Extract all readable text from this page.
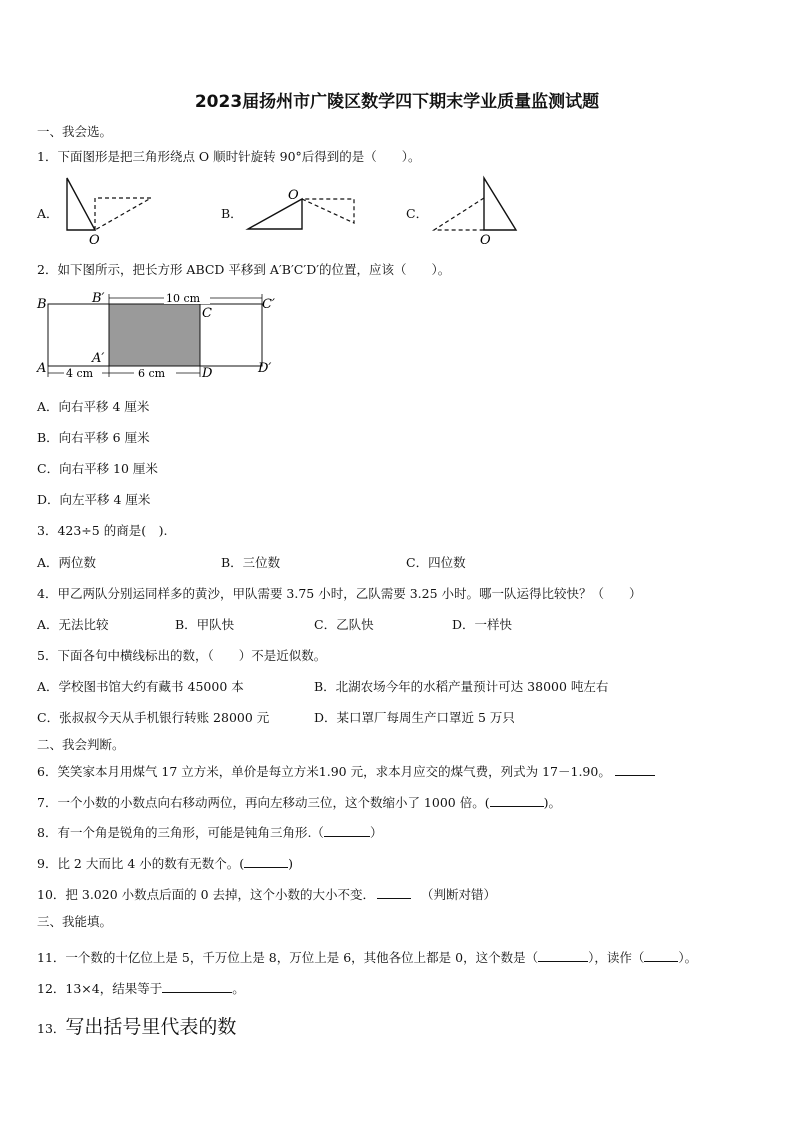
2023届扬州市广陵区数学四下期末学业质量监测试题
一、我会选。
1．下面图形是把三角形绕点 O 顺时针旋转 90°后得到的是（　　）。
A．	B．	C．
O
O
O
2．如下图所示，把长方形 ABCD 平移到 A′B′C′D′的位置，应该（　　）。
B	B′
C
C′
A
A′
D	D′
10 cm
4 cm	6 cm
A．向右平移 4 厘米
B．向右平移 6 厘米
C．向右平移 10 厘米
D．向左平移 4 厘米
3．423÷5 的商是(　).
A．两位数	B．三位数	C．四位数
4．甲乙两队分别运同样多的黄沙，甲队需要 3.75 小时，乙队需要 3.25 小时。哪一队运得比较快？（　　）
A．无法比较	B．甲队快	C．乙队快	D．一样快
5．下面各句中横线标出的数，（　　）不是近似数。
A．学校图书馆大约有藏书 45000 本	B．北湖农场今年的水稻产量预计可达 38000 吨左右
C．张叔叔今天从手机银行转账 28000 元	D．某口罩厂每周生产口罩近 5 万只
二、我会判断。
6．笑笑家本月用煤气 17 立方米，单价是每立方米1.90 元，求本月应交的煤气费，列式为 17－1.90。
7．一个小数的小数点向右移动两位，再向左移动三位，这个数缩小了 1000 倍。(	)。
8．有一个角是锐角的三角形，可能是钝角三角形.（	）
9．比 2 大而比 4 小的数有无数个。(	)
10．把 3.020 小数点后面的 0 去掉，这个小数的大小不变．	（判断对错）
三、我能填。
11．一个数的十亿位上是 5，千万位上是 8，万位上是 6，其他各位上都是 0，这个数是（	），读作（	）。
12．13×4，结果等于	。
13．写出括号里代表的数
